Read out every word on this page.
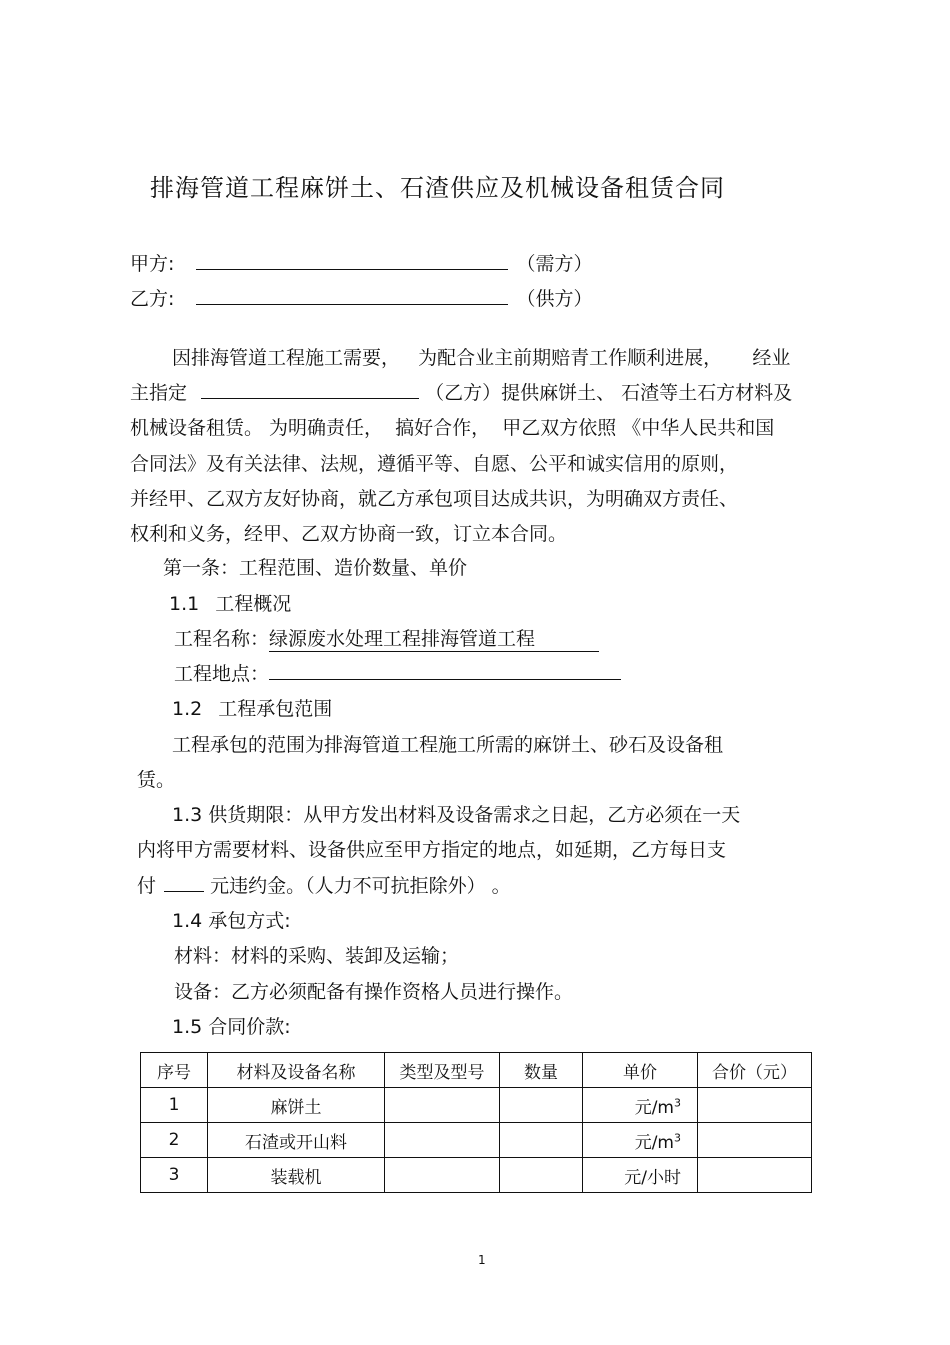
排海管道工程麻饼土、石渣供应及机械设备租赁合同
甲方:	（需方）
乙方:	（供方）
因排海管道工程施工需要，   为配合业主前期赔青工作顺利进展，     经业
主指定	（乙方）提供麻饼土、 石渣等土石方材料及
机械设备租赁。 为明确责任，  搞好合作，  甲乙双方依照 《中华人民共和国
合同法》及有关法律、法规，遵循平等、自愿、公平和诚实信用的原则，
并经甲、乙双方友好协商，就乙方承包项目达成共识，为明确双方责任、
权利和义务，经甲、乙双方协商一致，订立本合同。
第一条：工程范围、造价数量、单价
1.1 工程概况
工程名称：绿源废水处理工程排海管道工程
工程地点：
1.2 工程承包范围
工程承包的范围为排海管道工程施工所需的麻饼土、砂石及设备租
赁。
1.3 供货期限：从甲方发出材料及设备需求之日起，乙方必须在一天
内将甲方需要材料、设备供应至甲方指定的地点，如延期，乙方每日支
付	元违约金。（人力不可抗拒除外） 。
1.4 承包方式:
材料：材料的采购、装卸及运输；
设备：乙方必须配备有操作资格人员进行操作。
1.5 合同价款:
序号	材料及设备名称	类型及型号	数量	单价	合价（元）
1	麻饼土			元$/m^3$	
2	石渣或开山料			元$/m^3$	
3	装载机			元/小时	
1
